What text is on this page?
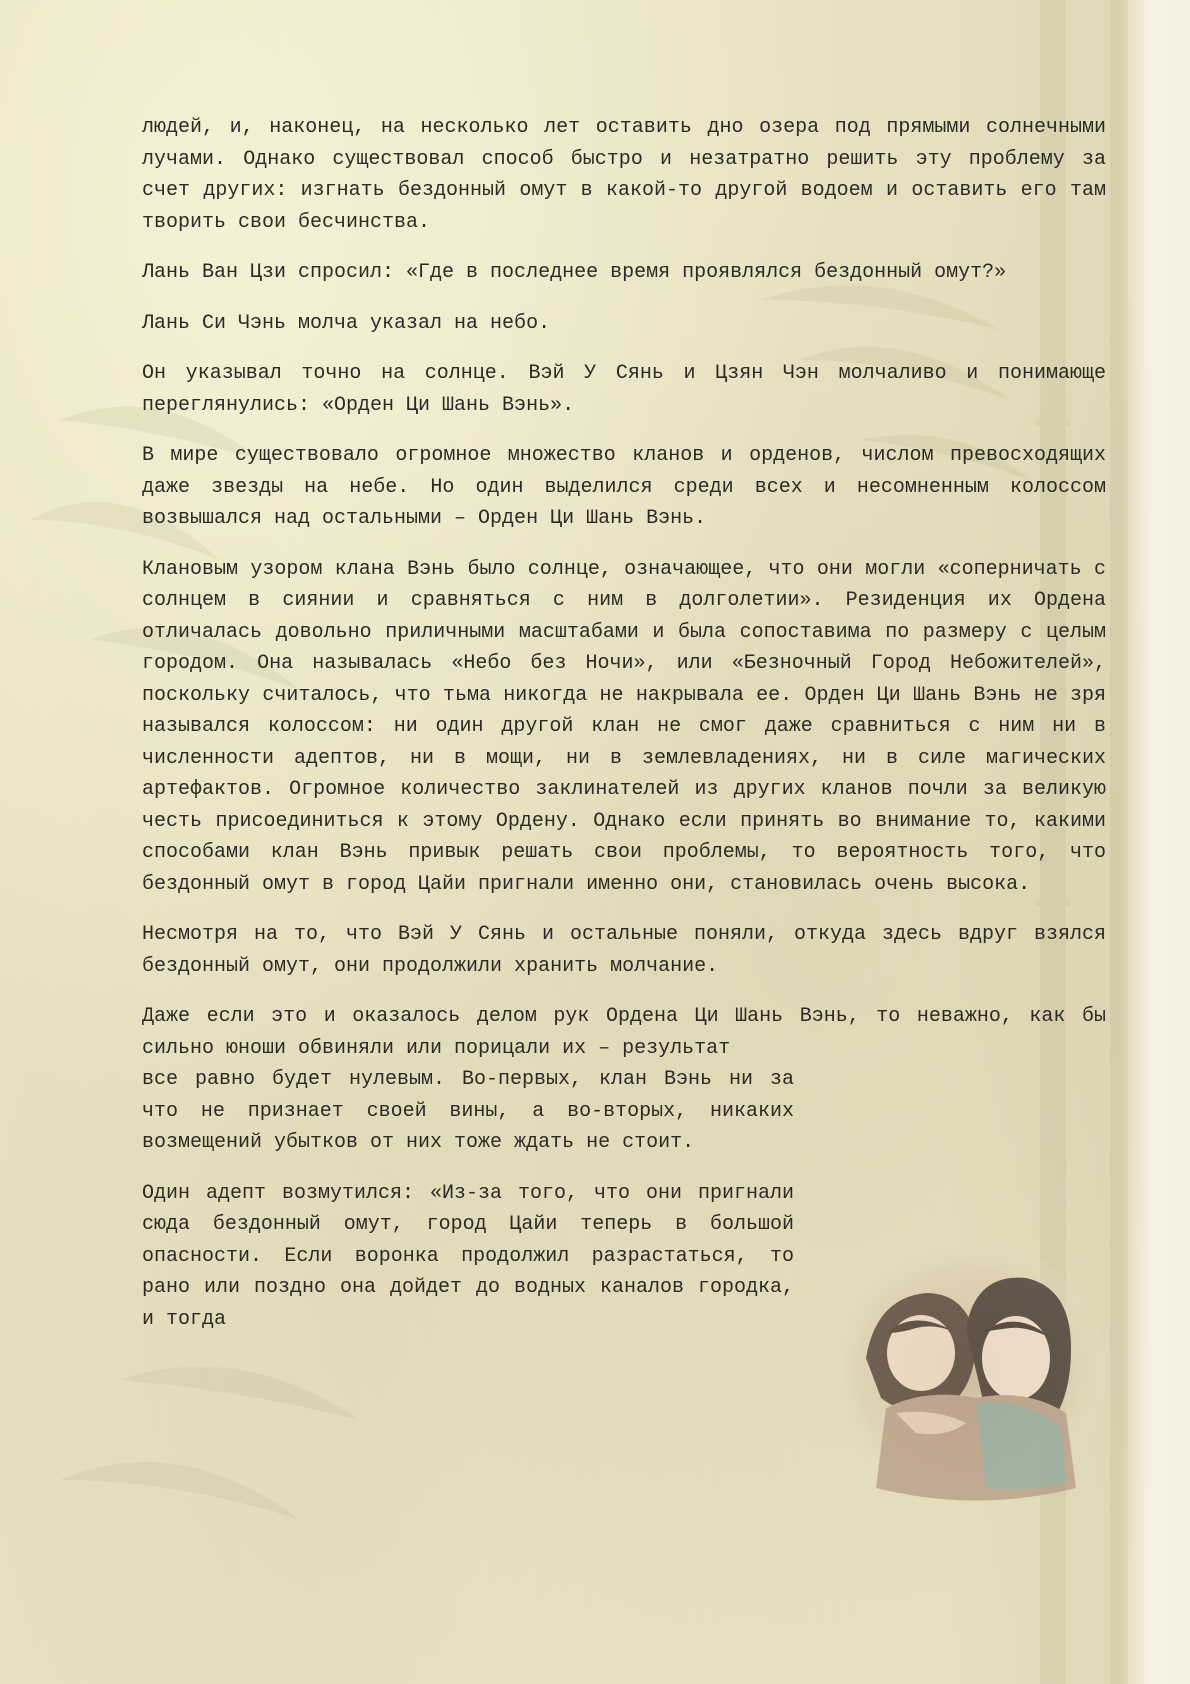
людей, и, наконец, на несколько лет оставить дно озера под прямыми солнечными лучами. Однако существовал способ быстро и незатратно решить эту проблему за счет других: изгнать бездонный омут в какой-то другой водоем и оставить его там творить свои бесчинства.

Лань Ван Цзи спросил: «Где в последнее время проявлялся бездонный омут?»

Лань Си Чэнь молча указал на небо.

Он указывал точно на солнце. Вэй У Сянь и Цзян Чэн молчаливо и понимающе переглянулись: «Орден Ци Шань Вэнь».

В мире существовало огромное множество кланов и орденов, числом превосходящих даже звезды на небе. Но один выделился среди всех и несомненным колоссом возвышался над остальными – Орден Ци Шань Вэнь.

Клановым узором клана Вэнь было солнце, означающее, что они могли «соперничать с солнцем в сиянии и сравняться с ним в долголетии». Резиденция их Ордена отличалась довольно приличными масштабами и была сопоставима по размеру с целым городом. Она называлась «Небо без Ночи», или «Безночный Город Небожителей», поскольку считалось, что тьма никогда не накрывала ее. Орден Ци Шань Вэнь не зря назывался колоссом: ни один другой клан не смог даже сравниться с ним ни в численности адептов, ни в мощи, ни в землевладениях, ни в силе магических артефактов. Огромное количество заклинателей из других кланов почли за великую честь присоединиться к этому Ордену. Однако если принять во внимание то, какими способами клан Вэнь привык решать свои проблемы, то вероятность того, что бездонный омут в город Цайи пригнали именно они, становилась очень высока.

Несмотря на то, что Вэй У Сянь и остальные поняли, откуда здесь вдруг взялся бездонный омут, они продолжили хранить молчание.

Даже если это и оказалось делом рук Ордена Ци Шань Вэнь, то неважно, как бы сильно юноши обвиняли или порицали их – результат

все равно будет нулевым. Во-первых, клан Вэнь ни за что не признает своей вины, а во-вторых, никаких возмещений убытков от них тоже ждать не стоит.

Один адепт возмутился: «Из-за того, что они пригнали сюда бездонный омут, город Цайи теперь в большой опасности. Если воронка продолжил разрастаться, то рано или поздно она дойдет до водных каналов городка, и тогда
